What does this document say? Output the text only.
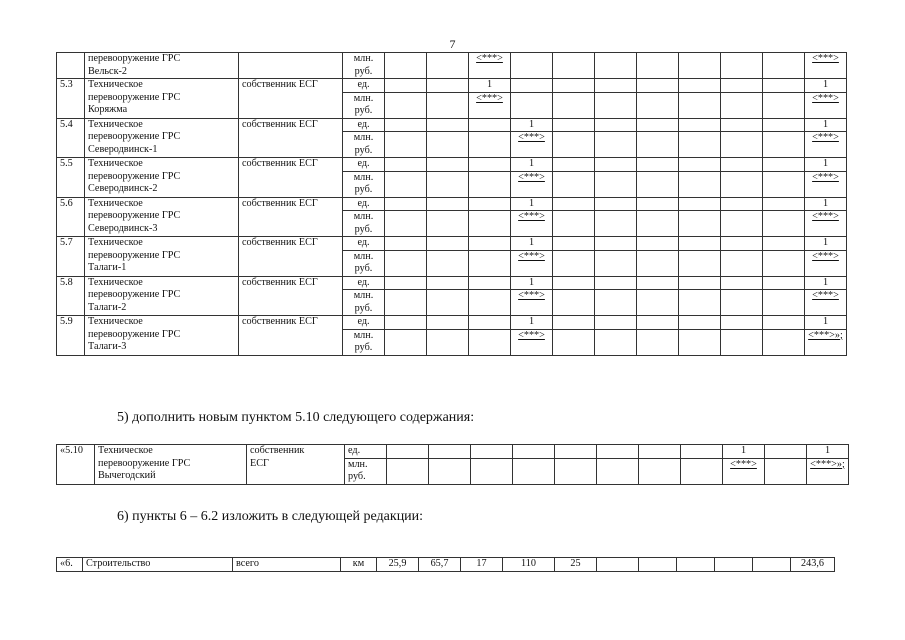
7
	перевооружение ГРС
Вельск-2		млн.
руб.			<***>								<***>
5.3	Техническое
перевооружение ГРС
Коряжма	собственник ЕСГ	ед.			1								1
			млн.
руб.			<***>								<***>
5.4	Техническое
перевооружение ГРС
Северодвинск-1	собственник ЕСГ	ед.				1							1
			млн.
руб.				<***>							<***>
5.5	Техническое
перевооружение ГРС
Северодвинск-2	собственник ЕСГ	ед.				1							1
			млн.
руб.				<***>							<***>
5.6	Техническое
перевооружение ГРС
Северодвинск-3	собственник ЕСГ	ед.				1							1
			млн.
руб.				<***>							<***>
5.7	Техническое
перевооружение ГРС
Талаги-1	собственник ЕСГ	ед.				1							1
			млн.
руб.				<***>							<***>
5.8	Техническое
перевооружение ГРС
Талаги-2	собственник ЕСГ	ед.				1							1
			млн.
руб.				<***>							<***>
5.9	Техническое
перевооружение ГРС
Талаги-3	собственник ЕСГ	ед.				1							1
			млн.
руб.				<***>							<***>»;
5) дополнить новым пунктом 5.10 следующего содержания:
«5.10	Техническое
перевооружение ГРС
Вычегодский	собственник
ЕСГ	ед.									1		1
			млн.
руб.									<***>		<***>»;
6) пункты 6 – 6.2 изложить в следующей редакции:
«6.	Строительство	всего	км	25,9	65,7	17	110	25						243,6
